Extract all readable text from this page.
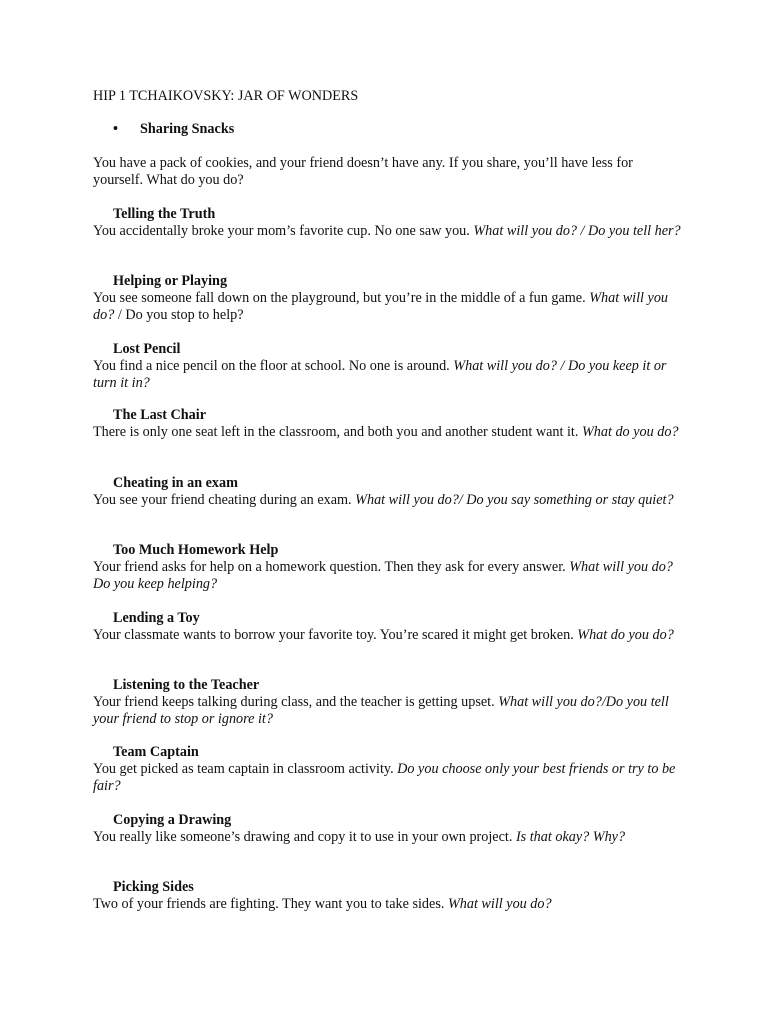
HIP 1 TCHAIKOVSKY: JAR OF WONDERS
• Sharing Snacks
You have a pack of cookies, and your friend doesn’t have any. If you share, you’ll have less for yourself. What do you do?
Telling the Truth
You accidentally broke your mom’s favorite cup. No one saw you. What will you do? / Do you tell her?
Helping or Playing
You see someone fall down on the playground, but you’re in the middle of a fun game. What will you do? / Do you stop to help?
Lost Pencil
You find a nice pencil on the floor at school. No one is around. What will you do? / Do you keep it or turn it in?
The Last Chair
There is only one seat left in the classroom, and both you and another student want it. What do you do?
Cheating in an exam
You see your friend cheating during an exam. What will you do?/ Do you say something or stay quiet?
Too Much Homework Help
Your friend asks for help on a homework question. Then they ask for every answer. What will you do? Do you keep helping?
Lending a Toy
Your classmate wants to borrow your favorite toy. You’re scared it might get broken. What do you do?
Listening to the Teacher
Your friend keeps talking during class, and the teacher is getting upset. What will you do?/Do you tell your friend to stop or ignore it?
Team Captain
You get picked as team captain in classroom activity. Do you choose only your best friends or try to be fair?
Copying a Drawing
You really like someone’s drawing and copy it to use in your own project. Is that okay? Why?
Picking Sides
Two of your friends are fighting. They want you to take sides. What will you do?
